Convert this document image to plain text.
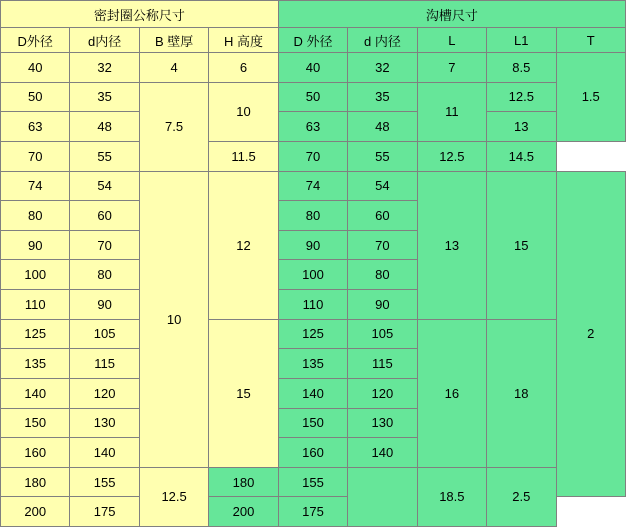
密封圈公称尺寸				沟槽尺寸				
D外径	d内径	B 壁厚	H 高度	D 外径	d 内径	L	L1	T
40	32	4	6	40	32	7	8.5	1.5
50	35	7.5	10	50	35	11	12.5	
63	48			63	48		13	
70	55		11.5	70	55	12.5	14.5	
74	54	10	12	74	54	13	15	2
80	60			80	60			
90	70			90	70			
100	80			100	80			
110	90			110	90			
125	105		15	125	105	16	18	
135	115			135	115			
140	120			140	120			
150	130			150	130			
160	140			160	140			
180	155	12.5	180	155		18.5	2.5	
200	175		200	175				
